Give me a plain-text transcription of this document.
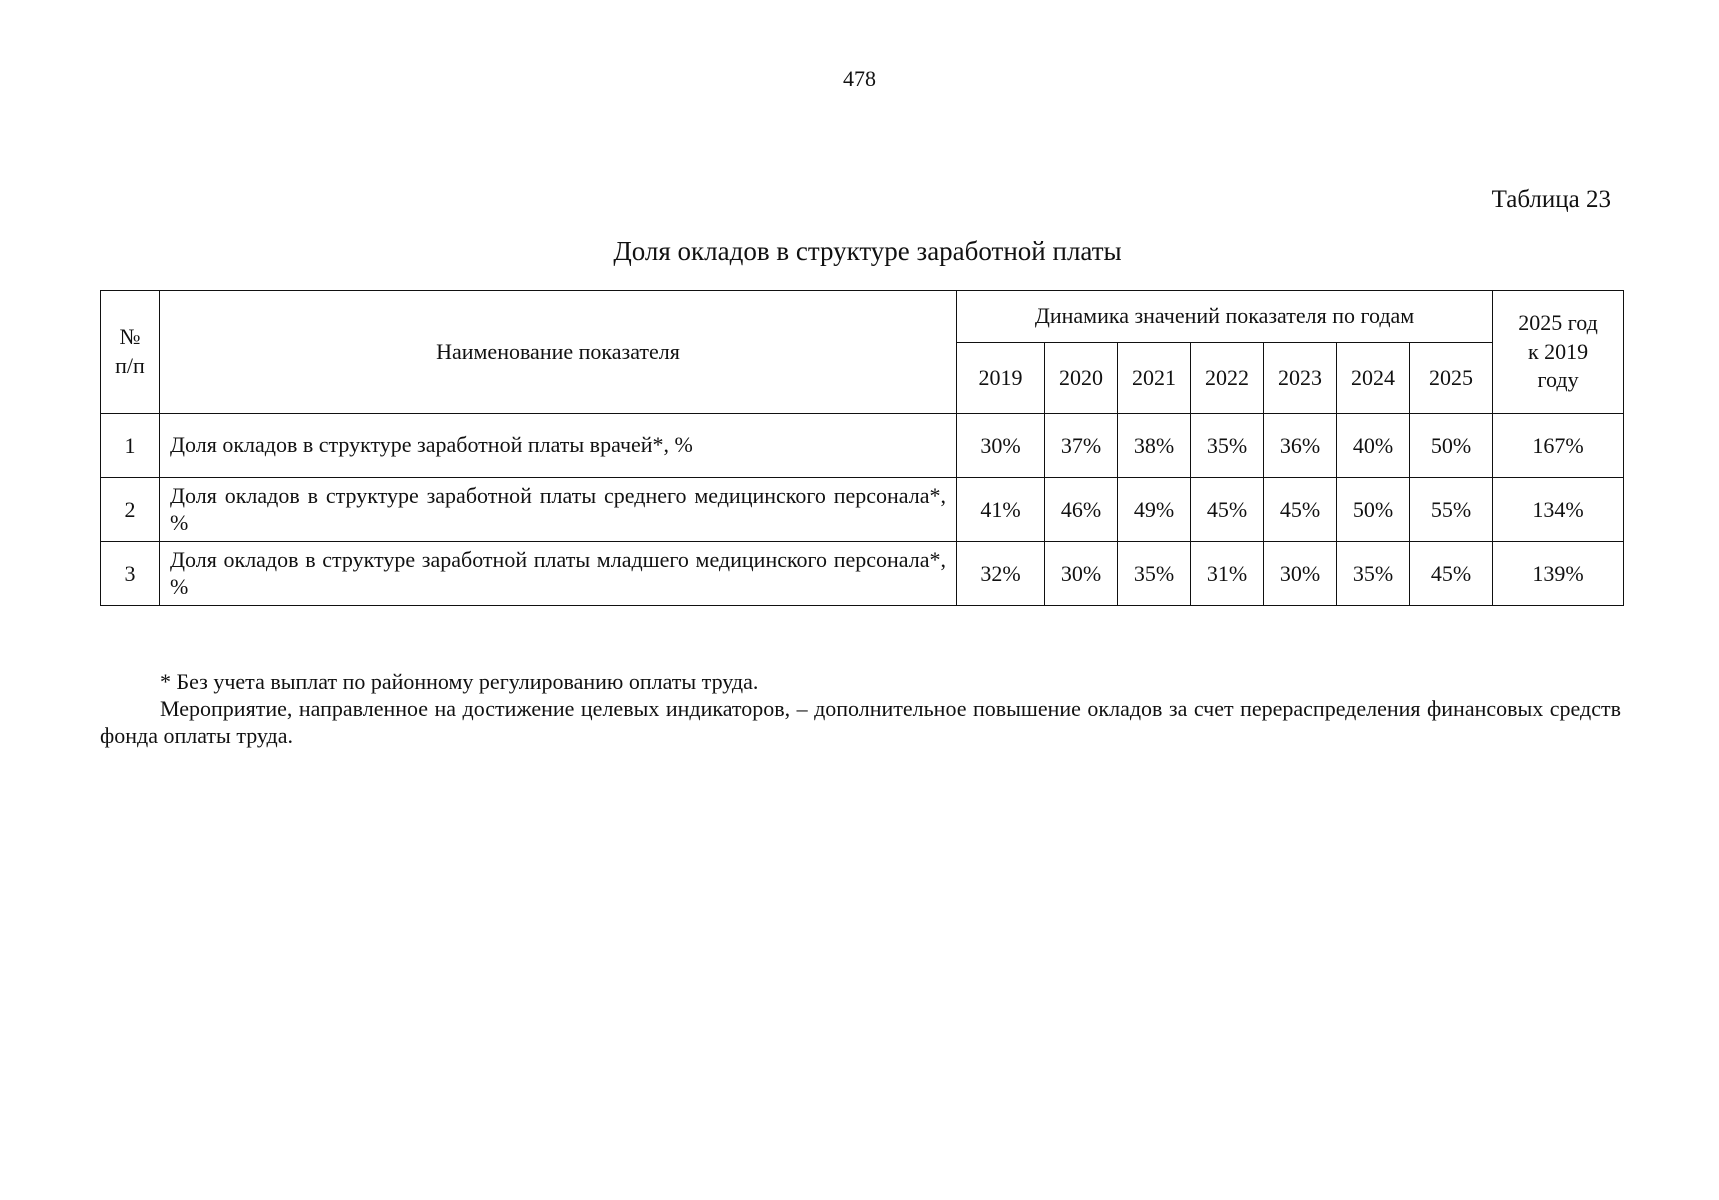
478
Таблица 23
Доля окладов в структуре заработной платы
№
п/п	Наименование показателя	Динамика значений показателя по годам							2025 год к 2019 году
		2019	2020	2021	2022	2023	2024	2025	
1	Доля окладов в структуре заработной платы врачей*, %	30%	37%	38%	35%	36%	40%	50%	167%
2	Доля окладов в структуре заработной платы среднего медицинского персонала*, %	41%	46%	49%	45%	45%	50%	55%	134%
3	Доля окладов в структуре заработной платы младшего медицинского персонала*, %	32%	30%	35%	31%	30%	35%	45%	139%

* Без учета выплат по районному регулированию оплаты труда.

Мероприятие, направленное на достижение целевых индикаторов, – дополнительное повышение окладов за счет перераспределения финансовых средств фонда оплаты труда.
